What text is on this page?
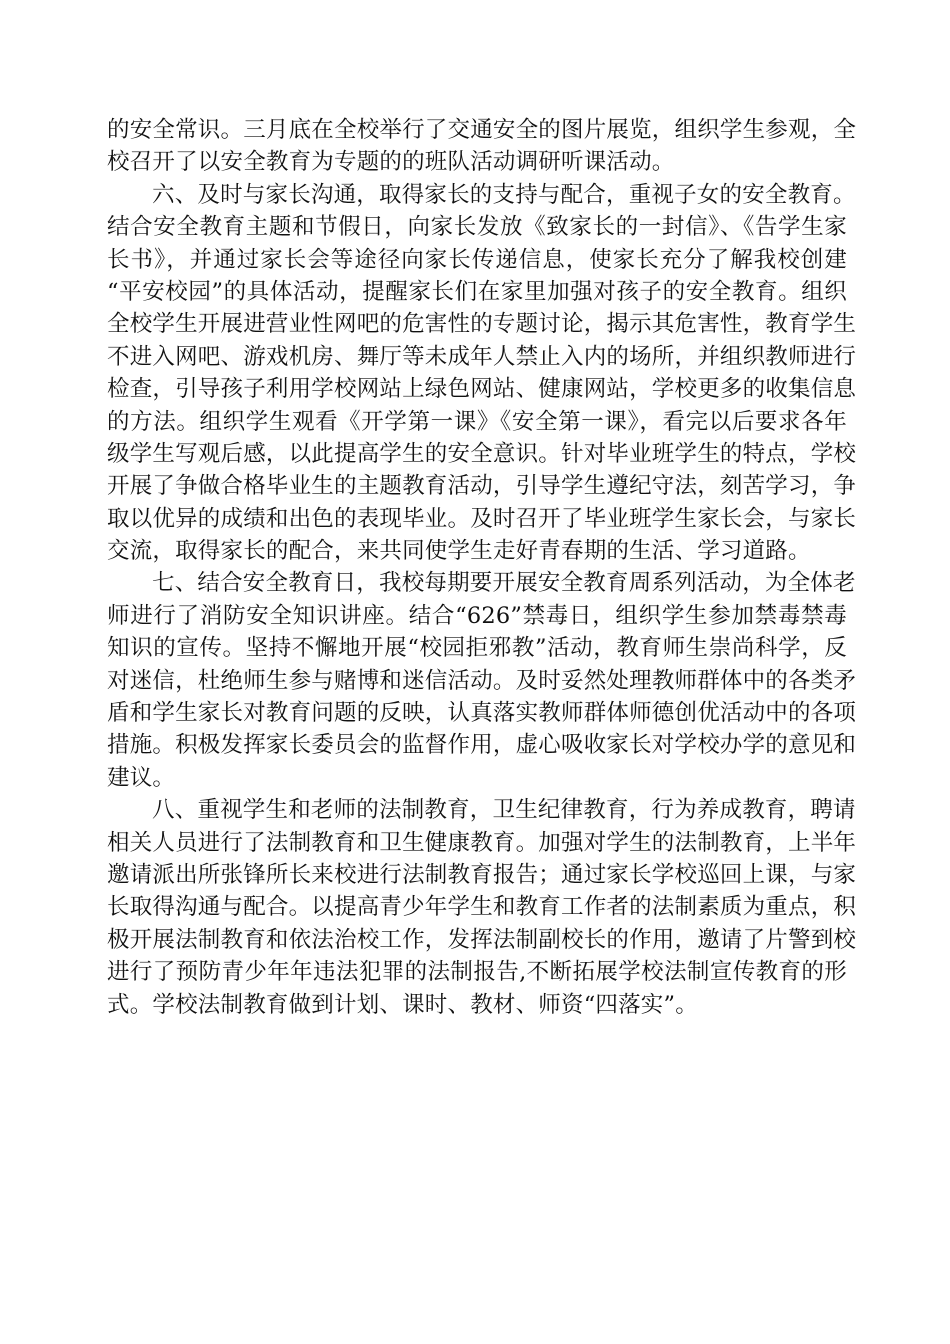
的安全常识。三月底在全校举行了交通安全的图片展览，组织学生参观，全
校召开了以安全教育为专题的的班队活动调研听课活动。
六、及时与家长沟通，取得家长的支持与配合，重视子女的安全教育。
结合安全教育主题和节假日，向家长发放《致家长的一封信》、《告学生家
长书》，并通过家长会等途径向家长传递信息，使家长充分了解我校创建
“平安校园”的具体活动，提醒家长们在家里加强对孩子的安全教育。组织
全校学生开展进营业性网吧的危害性的专题讨论，揭示其危害性，教育学生
不进入网吧、游戏机房、舞厅等未成年人禁止入内的场所，并组织教师进行
检查，引导孩子利用学校网站上绿色网站、健康网站，学校更多的收集信息
的方法。组织学生观看《开学第一课》《安全第一课》，看完以后要求各年
级学生写观后感，以此提高学生的安全意识。针对毕业班学生的特点，学校
开展了争做合格毕业生的主题教育活动，引导学生遵纪守法，刻苦学习，争
取以优异的成绩和出色的表现毕业。及时召开了毕业班学生家长会，与家长
交流，取得家长的配合，来共同使学生走好青春期的生活、学习道路。
七、结合安全教育日，我校每期要开展安全教育周系列活动，为全体老
师进行了消防安全知识讲座。结合“626”禁毒日，组织学生参加禁毒禁毒
知识的宣传。坚持不懈地开展“校园拒邪教”活动，教育师生崇尚科学，反
对迷信，杜绝师生参与赌博和迷信活动。及时妥然处理教师群体中的各类矛
盾和学生家长对教育问题的反映，认真落实教师群体师德创优活动中的各项
措施。积极发挥家长委员会的监督作用，虚心吸收家长对学校办学的意见和
建议。
八、重视学生和老师的法制教育，卫生纪律教育，行为养成教育，聘请
相关人员进行了法制教育和卫生健康教育。加强对学生的法制教育，上半年
邀请派出所张锋所长来校进行法制教育报告；通过家长学校巡回上课，与家
长取得沟通与配合。以提高青少年学生和教育工作者的法制素质为重点，积
极开展法制教育和依法治校工作，发挥法制副校长的作用，邀请了片警到校
进行了预防青少年年违法犯罪的法制报告,不断拓展学校法制宣传教育的形
式。学校法制教育做到计划、课时、教材、师资“四落实”。
